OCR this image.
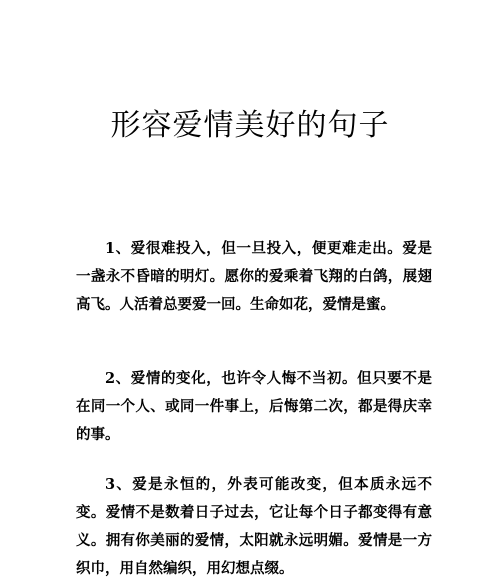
形容爱情美好的句子

1、爱很难投入，但一旦投入，便更难走出。爱是一盏永不昏暗的明灯。愿你的爱乘着飞翔的白鸽，展翅高飞。人活着总要爱一回。生命如花，爱情是蜜。

2、爱情的变化，也许令人悔不当初。但只要不是在同一个人、或同一件事上，后悔第二次，都是得庆幸的事。

3、爱是永恒的，外表可能改变，但本质永远不变。爱情不是数着日子过去，它让每个日子都变得有意义。拥有你美丽的爱情，太阳就永远明媚。爱情是一方织巾，用自然编织，用幻想点缀。
